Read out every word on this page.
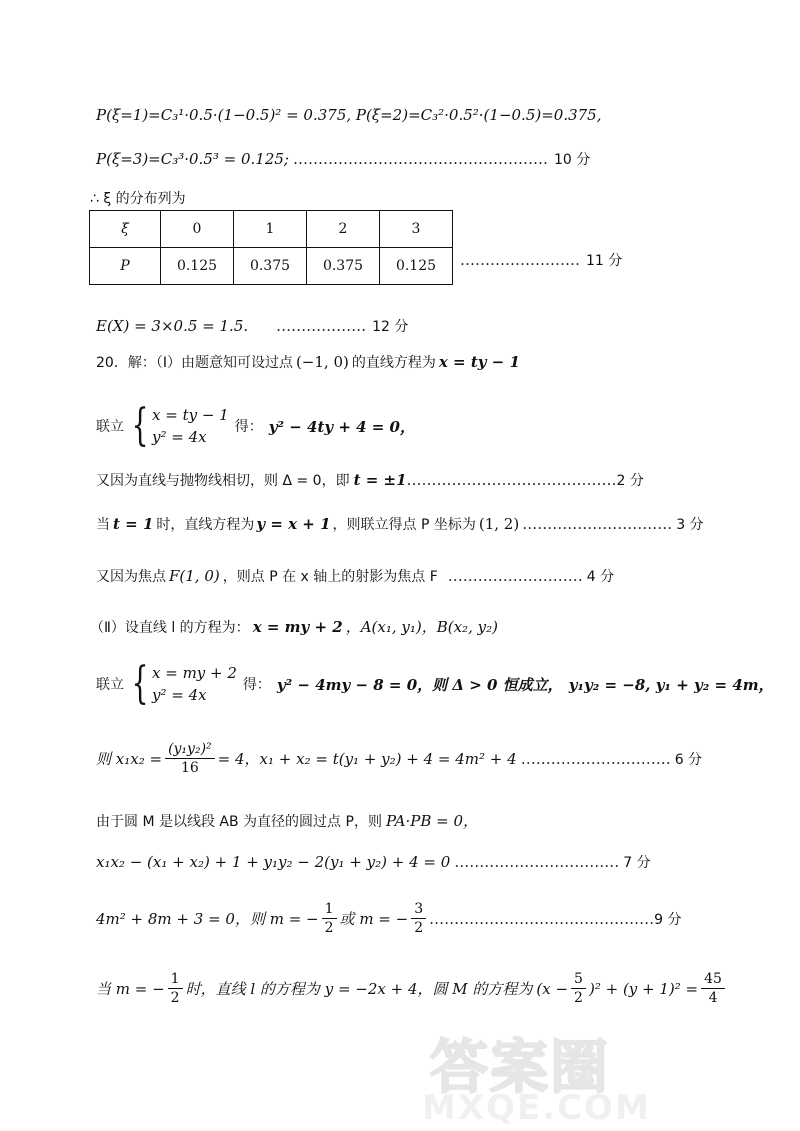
P(ξ=1)=C₃¹·0.5·(1−0.5)² = 0.375, P(ξ=2)=C₃²·0.5²·(1−0.5)=0.375,
P(ξ=3)=C₃³·0.5³ = 0.125; …………………………………………… 10 分
∴ ξ 的分布列为
ξ	0	1	2	3
P	0.125	0.375	0.375	0.125 …………………… 11 分
E(X) = 3×0.5 = 1.5. ……………… 12 分
20．解：（Ⅰ）由题意知可设过点 (−1, 0) 的直线方程为 x = ty − 1
联立 { x = ty − 1
y² = 4x
得： y² − 4ty + 4 = 0，
又因为直线与抛物线相切，则 Δ = 0，即 t = ±1 …………………………………… 2 分
当 t = 1 时，直线方程为 y = x + 1 ，则联立得点 P 坐标为 (1, 2) ………………………… 3 分
又因为焦点 F(1, 0) ，则点 P 在 x 轴上的射影为焦点 F ……………………… 4 分
（Ⅱ）设直线 l 的方程为： x = my + 2 ，A(x₁, y₁)，B(x₂, y₂)
联立 { x = my + 2
y² = 4x
得： y² − 4my − 8 = 0，则 Δ > 0 恒成立， y₁y₂ = −8, y₁ + y₂ = 4m，
则 $x_1x_2 = \frac{\text{(y₁y₂)²}}{16} = 4$，x₁ + x₂ = t(y₁ + y₂) + 4 = 4m² + 4 ………………………… 6 分
由于圆 M 是以线段 AB 为直径的圆过点 P，则 PA·PB = 0，
x₁x₂ − (x₁ + x₂) + 1 + y₁y₂ − 2(y₁ + y₂) + 4 = 0 …………………………… 7 分
4m² + 8m + 3 = 0，则 m = − $\frac{1}{2}$ 或 m = − $\frac{3}{2}$ ……………………………………… 9 分
当 m = − $\frac{1}{2}$ 时，直线 l 的方程为 y = −2x + 4，圆 M 的方程为 $(x - \frac{5}{2} )^2 + (y + 1)^2 = \frac{45}{4}$
答案圈
MXQE.COM
